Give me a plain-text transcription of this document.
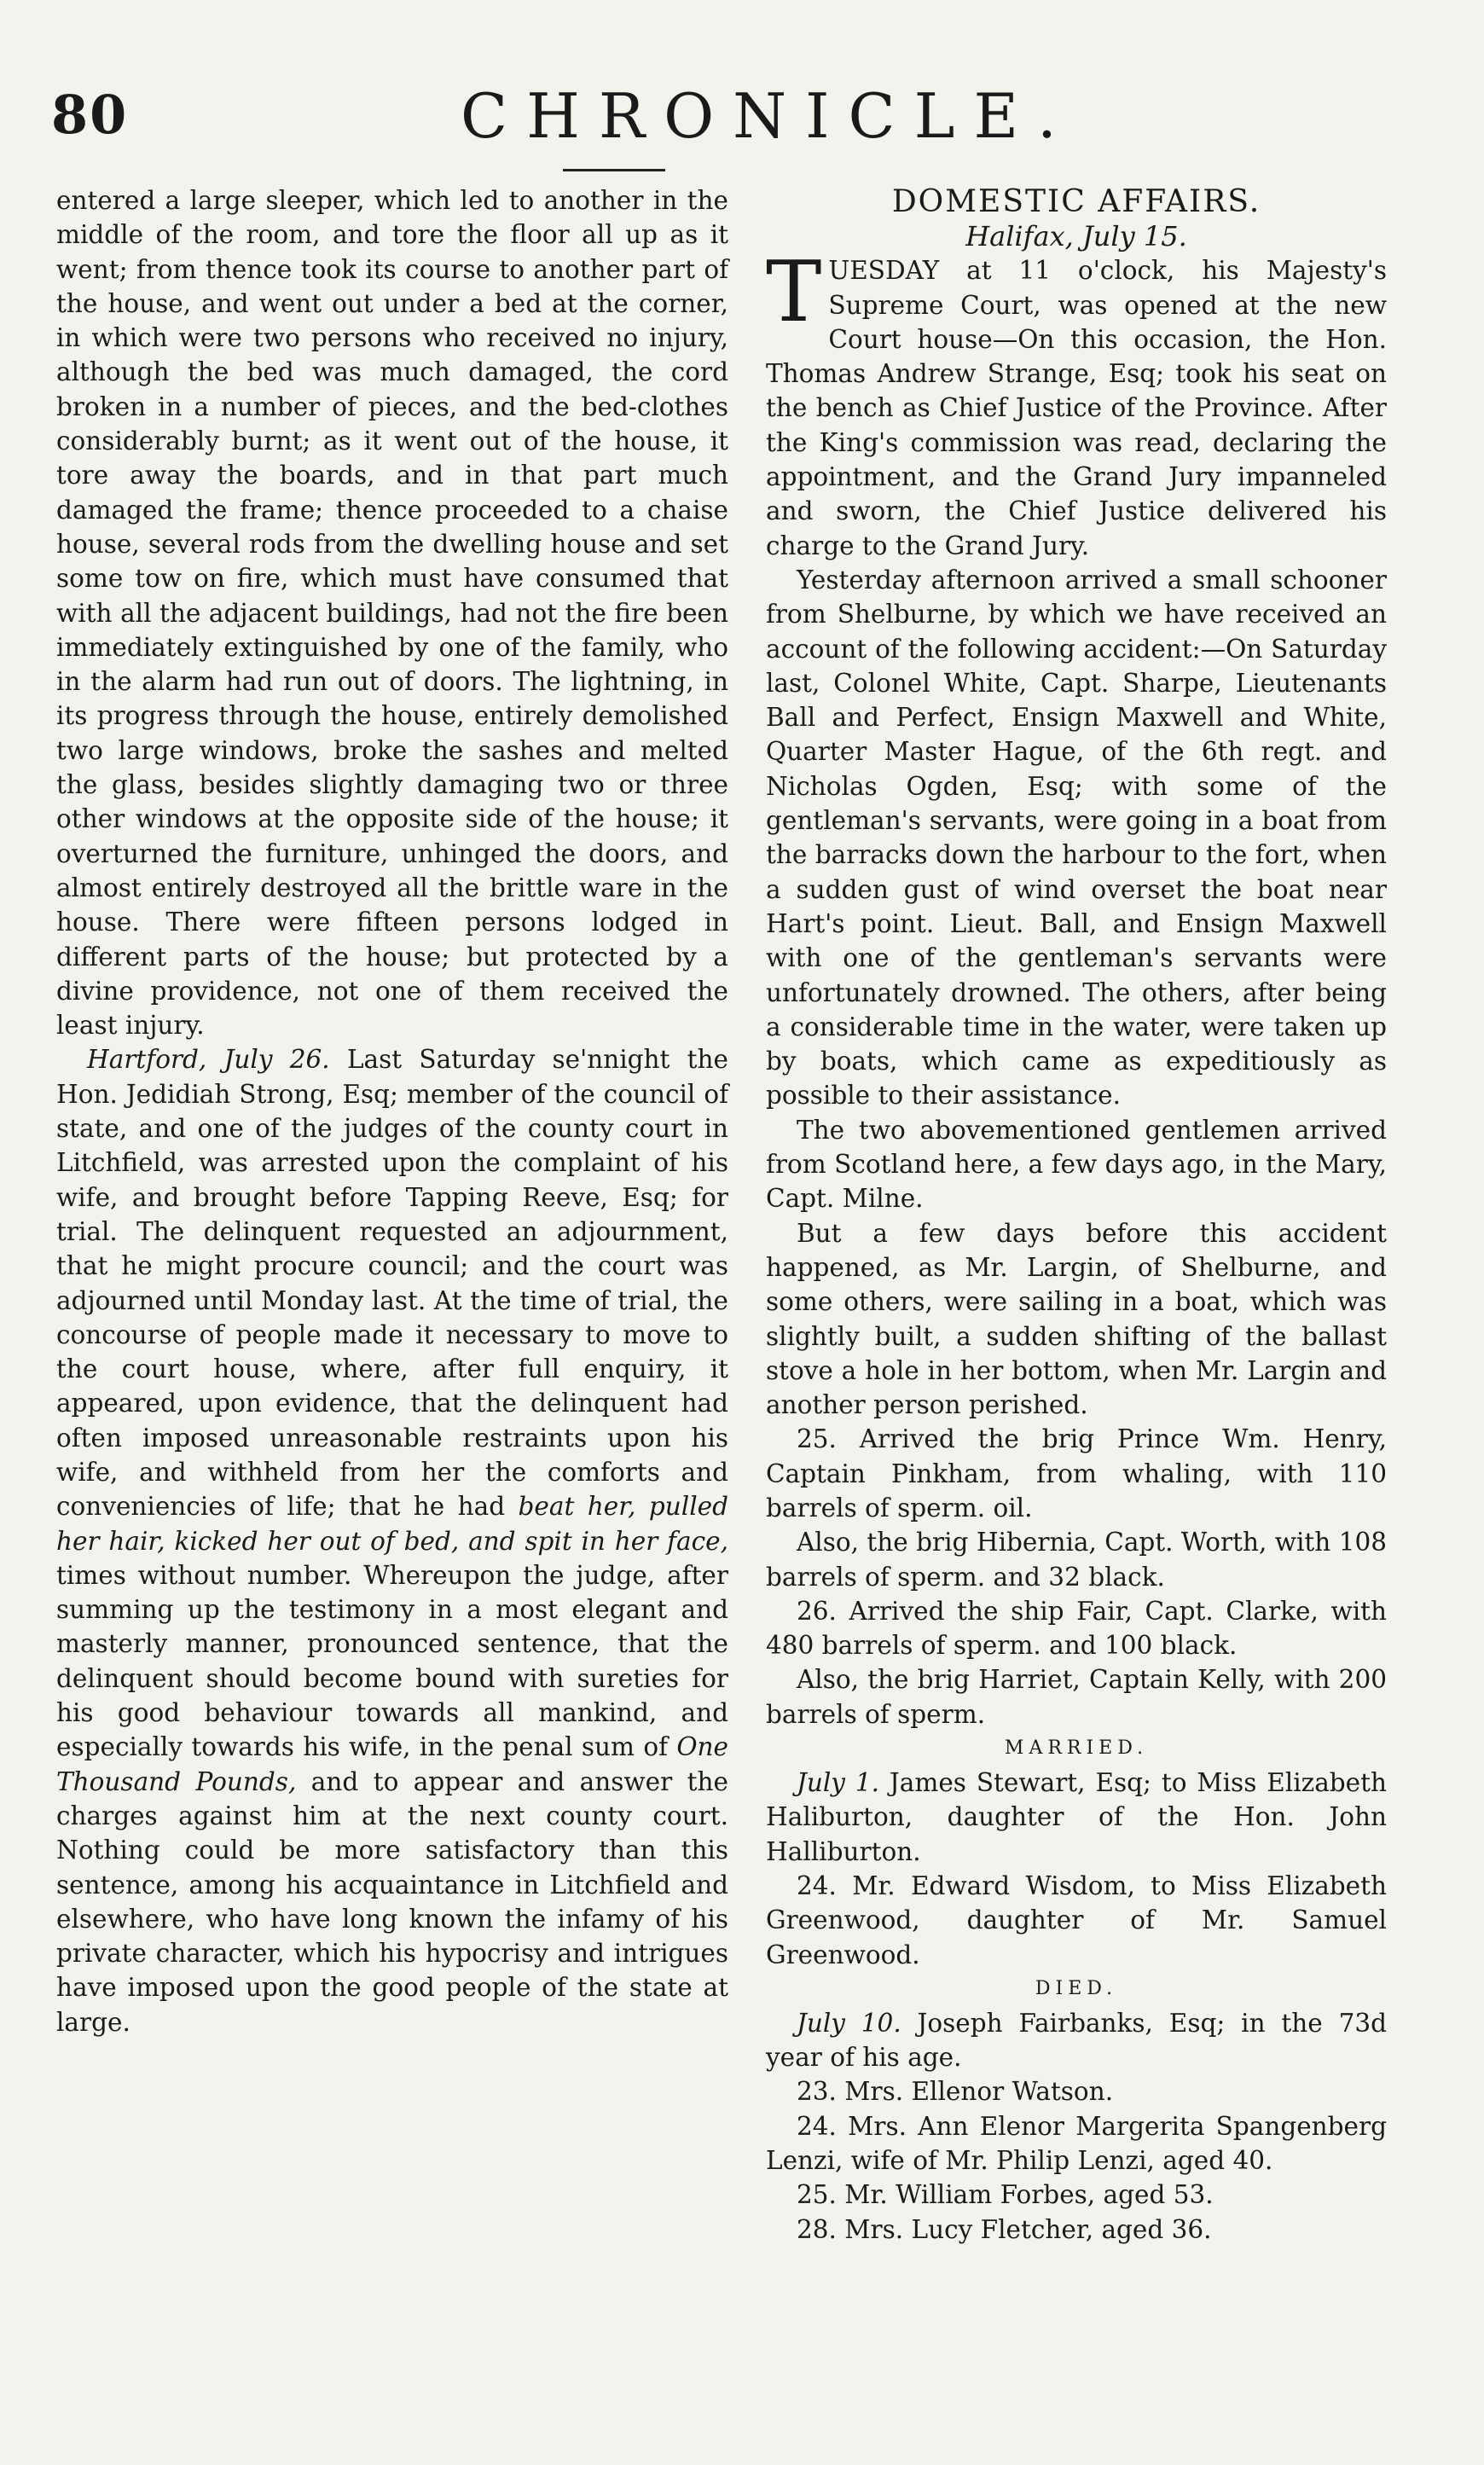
80	CHRONICLE.

entered a large sleeper, which led to another in the middle of the room, and tore the floor all up as it went; from thence took its course to another part of the house, and went out under a bed at the corner, in which were two persons who received no injury, although the bed was much damaged, the cord broken in a number of pieces, and the bed-clothes considerably burnt; as it went out of the house, it tore away the boards, and in that part much damaged the frame; thence proceeded to a chaise house, several rods from the dwelling house and set some tow on fire, which must have consumed that with all the adjacent buildings, had not the fire been immediately extinguished by one of the family, who in the alarm had run out of doors. The lightning, in its progress through the house, entirely demolished two large windows, broke the sashes and melted the glass, besides slightly damaging two or three other windows at the opposite side of the house; it overturned the furniture, unhinged the doors, and almost entirely destroyed all the brittle ware in the house. There were fifteen persons lodged in different parts of the house; but protected by a divine providence, not one of them received the least injury.

Hartford, July 26. Last Saturday se'nnight the Hon. Jedidiah Strong, Esq; member of the council of state, and one of the judges of the county court in Litchfield, was arrested upon the complaint of his wife, and brought before Tapping Reeve, Esq; for trial. The delinquent requested an adjournment, that he might procure council; and the court was adjourned until Monday last. At the time of trial, the concourse of people made it necessary to move to the court house, where, after full enquiry, it appeared, upon evidence, that the delinquent had often imposed unreasonable restraints upon his wife, and withheld from her the comforts and conveniencies of life; that he had beat her, pulled her hair, kicked her out of bed, and spit in her face, times without number. Whereupon the judge, after summing up the testimony in a most elegant and masterly manner, pronounced sentence, that the delinquent should become bound with sureties for his good behaviour towards all mankind, and especially towards his wife, in the penal sum of One Thousand Pounds, and to appear and answer the charges against him at the next county court. Nothing could be more satisfactory than this sentence, among his acquaintance in Litchfield and elsewhere, who have long known the infamy of his private character, which his hypocrisy and intrigues have imposed upon the good people of the state at large.

DOMESTIC AFFAIRS.

Halifax, July 15.

TUESDAY at 11 o'clock, his Majesty's Supreme Court, was opened at the new Court house—On this occasion, the Hon. Thomas Andrew Strange, Esq; took his seat on the bench as Chief Justice of the Province. After the King's commission was read, declaring the appointment, and the Grand Jury impanneled and sworn, the Chief Justice delivered his charge to the Grand Jury.

Yesterday afternoon arrived a small schooner from Shelburne, by which we have received an account of the following accident:—On Saturday last, Colonel White, Capt. Sharpe, Lieutenants Ball and Perfect, Ensign Maxwell and White, Quarter Master Hague, of the 6th regt. and Nicholas Ogden, Esq; with some of the gentleman's servants, were going in a boat from the barracks down the harbour to the fort, when a sudden gust of wind overset the boat near Hart's point. Lieut. Ball, and Ensign Maxwell with one of the gentleman's servants were unfortunately drowned. The others, after being a considerable time in the water, were taken up by boats, which came as expeditiously as possible to their assistance.

The two abovementioned gentlemen arrived from Scotland here, a few days ago, in the Mary, Capt. Milne.

But a few days before this accident happened, as Mr. Largin, of Shelburne, and some others, were sailing in a boat, which was slightly built, a sudden shifting of the ballast stove a hole in her bottom, when Mr. Largin and another person perished.

25. Arrived the brig Prince Wm. Henry, Captain Pinkham, from whaling, with 110 barrels of sperm. oil.

Also, the brig Hibernia, Capt. Worth, with 108 barrels of sperm. and 32 black.

26. Arrived the ship Fair, Capt. Clarke, with 480 barrels of sperm. and 100 black.

Also, the brig Harriet, Captain Kelly, with 200 barrels of sperm.

MARRIED.

July 1. James Stewart, Esq; to Miss Elizabeth Haliburton, daughter of the Hon. John Halliburton.

24. Mr. Edward Wisdom, to Miss Elizabeth Greenwood, daughter of Mr. Samuel Greenwood.

DIED.

July 10. Joseph Fairbanks, Esq; in the 73d year of his age.

23. Mrs. Ellenor Watson.

24. Mrs. Ann Elenor Margerita Spangenberg Lenzi, wife of Mr. Philip Lenzi, aged 40.

25. Mr. William Forbes, aged 53.

28. Mrs. Lucy Fletcher, aged 36.
